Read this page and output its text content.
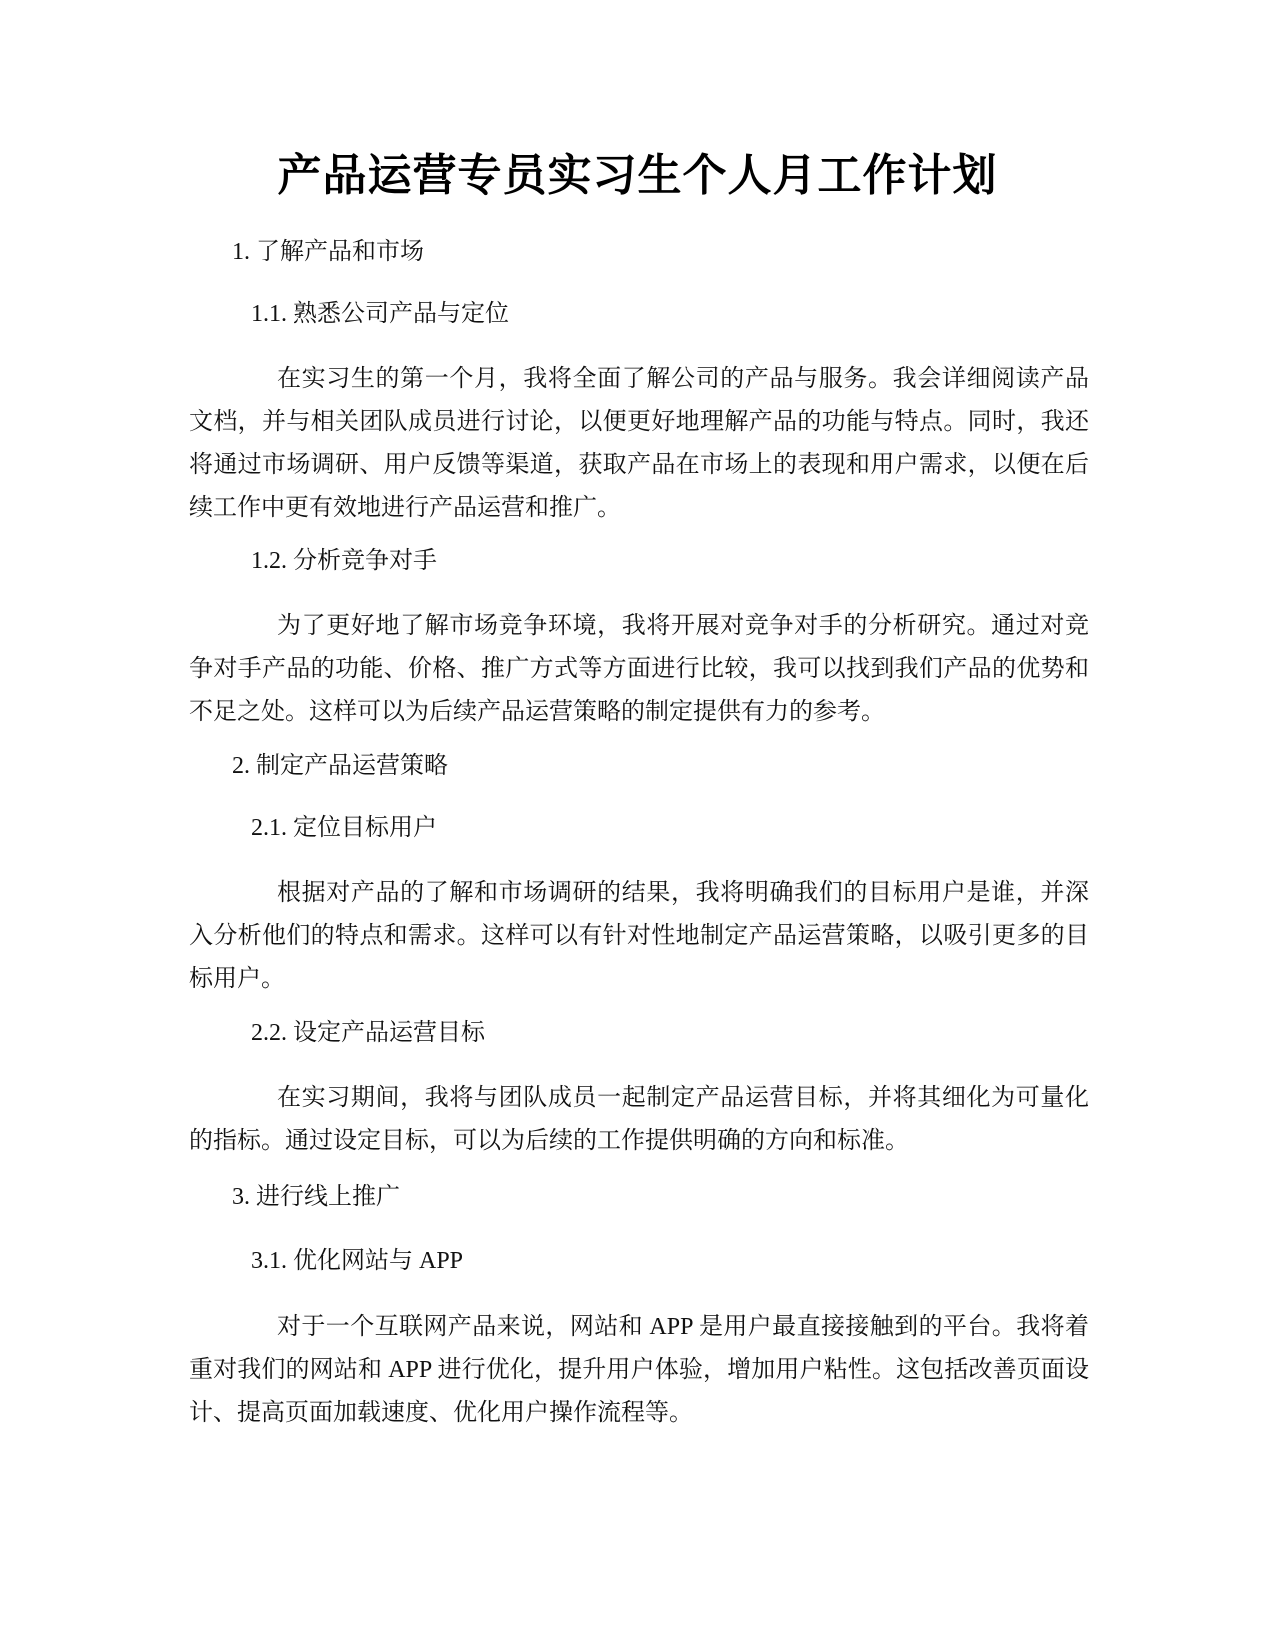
产品运营专员实习生个人月工作计划

1. 了解产品和市场

1.1. 熟悉公司产品与定位

在实习生的第一个月，我将全面了解公司的产品与服务。我会详细阅读产品文档，并与相关团队成员进行讨论，以便更好地理解产品的功能与特点。同时，我还将通过市场调研、用户反馈等渠道，获取产品在市场上的表现和用户需求，以便在后续工作中更有效地进行产品运营和推广。

1.2. 分析竞争对手

为了更好地了解市场竞争环境，我将开展对竞争对手的分析研究。通过对竞争对手产品的功能、价格、推广方式等方面进行比较，我可以找到我们产品的优势和不足之处。这样可以为后续产品运营策略的制定提供有力的参考。

2. 制定产品运营策略

2.1. 定位目标用户

根据对产品的了解和市场调研的结果，我将明确我们的目标用户是谁，并深入分析他们的特点和需求。这样可以有针对性地制定产品运营策略，以吸引更多的目标用户。

2.2. 设定产品运营目标

在实习期间，我将与团队成员一起制定产品运营目标，并将其细化为可量化的指标。通过设定目标，可以为后续的工作提供明确的方向和标准。

3. 进行线上推广

3.1. 优化网站与 APP

对于一个互联网产品来说，网站和 APP 是用户最直接接触到的平台。我将着重对我们的网站和 APP 进行优化，提升用户体验，增加用户粘性。这包括改善页面设计、提高页面加载速度、优化用户操作流程等。
